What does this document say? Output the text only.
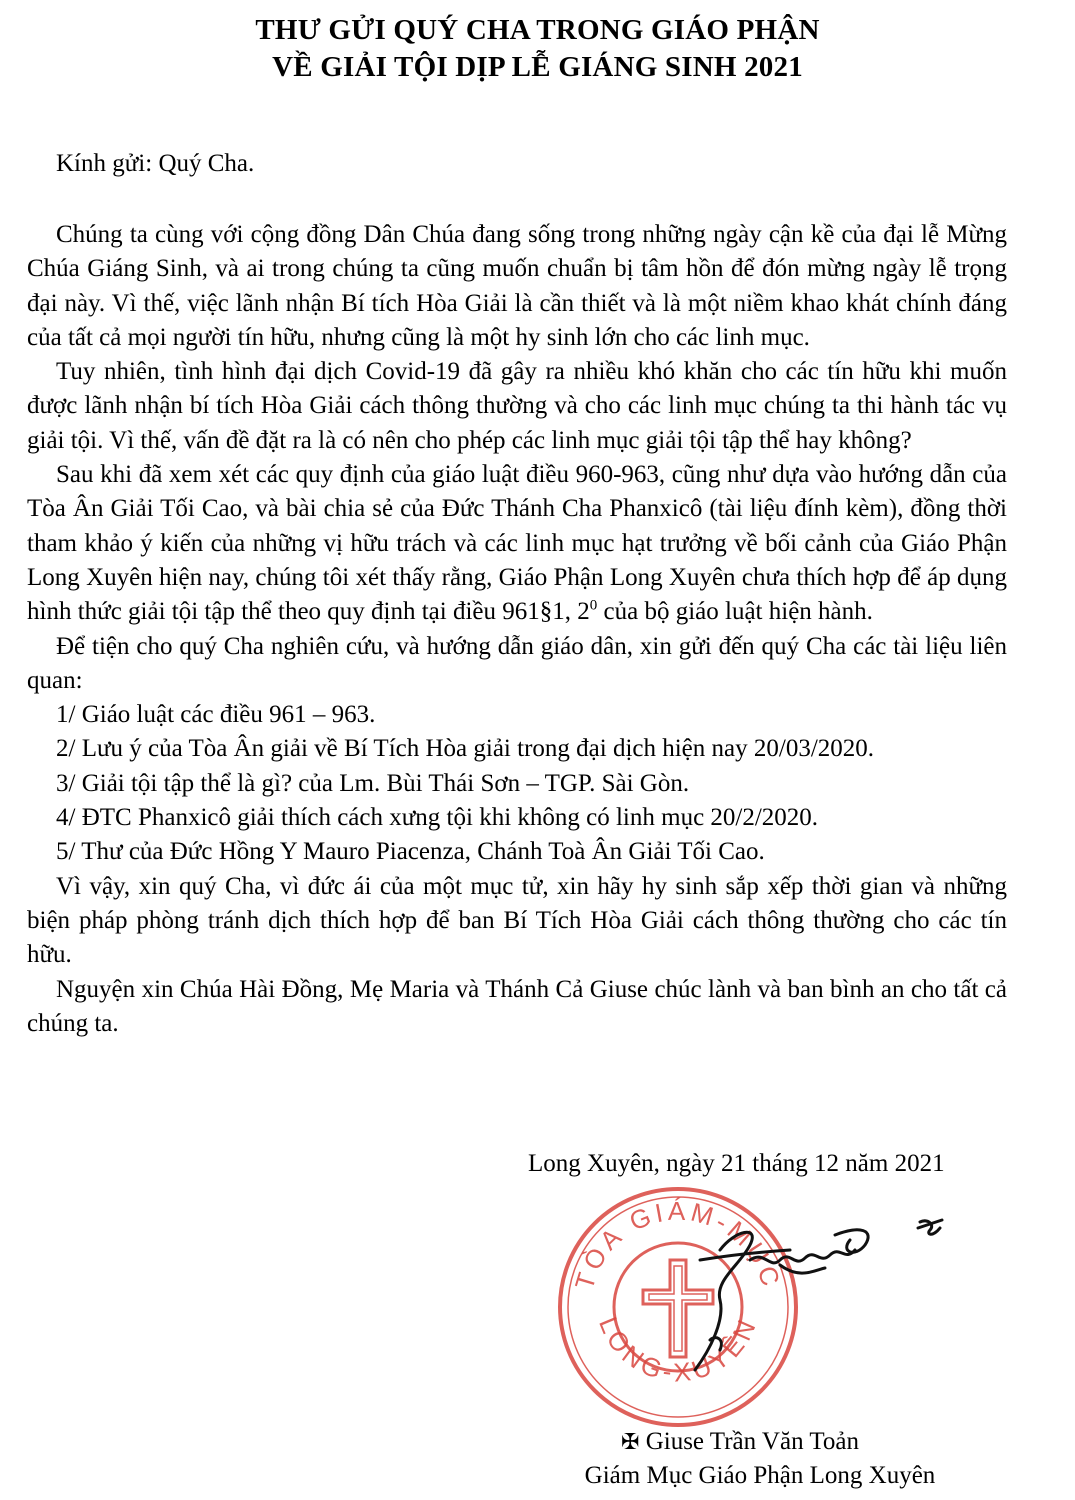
THƯ GỬI QUÝ CHA TRONG GIÁO PHẬN
VỀ GIẢI TỘI DỊP LỄ GIÁNG SINH 2021

Kính gửi: Quý Cha.

Chúng ta cùng với cộng đồng Dân Chúa đang sống trong những ngày cận kề của đại lễ Mừng Chúa Giáng Sinh, và ai trong chúng ta cũng muốn chuẩn bị tâm hồn để đón mừng ngày lễ trọng đại này. Vì thế, việc lãnh nhận Bí tích Hòa Giải là cần thiết và là một niềm khao khát chính đáng của tất cả mọi người tín hữu, nhưng cũng là một hy sinh lớn cho các linh mục.

Tuy nhiên, tình hình đại dịch Covid-19 đã gây ra nhiều khó khăn cho các tín hữu khi muốn được lãnh nhận bí tích Hòa Giải cách thông thường và cho các linh mục chúng ta thi hành tác vụ giải tội. Vì thế, vấn đề đặt ra là có nên cho phép các linh mục giải tội tập thể hay không?

Sau khi đã xem xét các quy định của giáo luật điều 960-963, cũng như dựa vào hướng dẫn của Tòa Ân Giải Tối Cao, và bài chia sẻ của Đức Thánh Cha Phanxicô (tài liệu đính kèm), đồng thời tham khảo ý kiến của những vị hữu trách và các linh mục hạt trưởng về bối cảnh của Giáo Phận Long Xuyên hiện nay, chúng tôi xét thấy rằng, Giáo Phận Long Xuyên chưa thích hợp để áp dụng hình thức giải tội tập thể theo quy định tại điều 961§1, $2^0$ của bộ giáo luật hiện hành.

Để tiện cho quý Cha nghiên cứu, và hướng dẫn giáo dân, xin gửi đến quý Cha các tài liệu liên quan:

1/ Giáo luật các điều 961 – 963.

2/ Lưu ý của Tòa Ân giải về Bí Tích Hòa giải trong đại dịch hiện nay 20/03/2020.

3/ Giải tội tập thể là gì? của Lm. Bùi Thái Sơn – TGP. Sài Gòn.

4/ ĐTC Phanxicô giải thích cách xưng tội khi không có linh mục 20/2/2020.

5/ Thư của Đức Hồng Y Mauro Piacenza, Chánh Toà Ân Giải Tối Cao.

Vì vậy, xin quý Cha, vì đức ái của một mục tử, xin hãy hy sinh sắp xếp thời gian và những biện pháp phòng tránh dịch thích hợp để ban Bí Tích Hòa Giải cách thông thường cho các tín hữu.

Nguyện xin Chúa Hài Đồng, Mẹ Maria và Thánh Cả Giuse chúc lành và ban bình an cho tất cả chúng ta.

Long Xuyên, ngày 21 tháng 12 năm 2021

TÒA GIÁM-MỤC
LONG-XUYÊN

✠ Giuse Trần Văn Toản

Giám Mục Giáo Phận Long Xuyên
